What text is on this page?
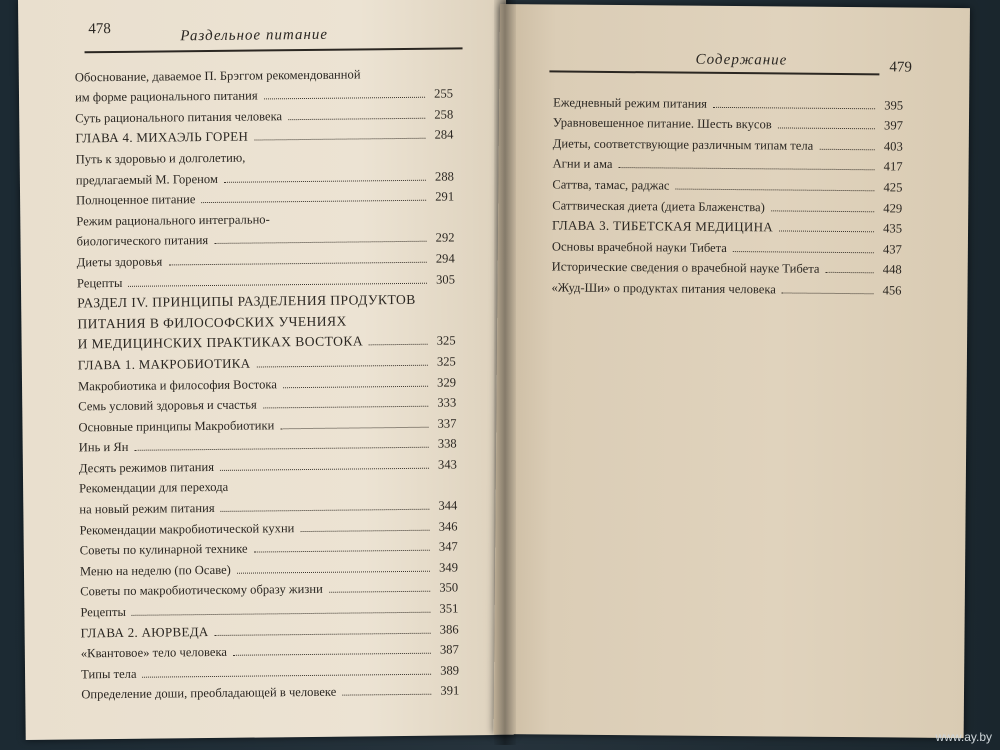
478	Раздельное питание
Обоснование, даваемое П. Брэггом рекомендованной
им форме рационального питания	255
Суть рационального питания человека	258
ГЛАВА 4. МИХАЭЛЬ ГОРЕН	284
Путь к здоровью и долголетию,
предлагаемый М. Гореном	288
Полноценное питание	291
Режим рационального интегрально-
биологического питания	292
Диеты здоровья	294
Рецепты	305
РАЗДЕЛ IV. ПРИНЦИПЫ РАЗДЕЛЕНИЯ ПРОДУКТОВ
ПИТАНИЯ В ФИЛОСОФСКИХ УЧЕНИЯХ
И МЕДИЦИНСКИХ ПРАКТИКАХ ВОСТОКА	325
ГЛАВА 1. МАКРОБИОТИКА	325
Макробиотика и философия Востока	329
Семь условий здоровья и счастья	333
Основные принципы Макробиотики	337
Инь и Ян	338
Десять режимов питания	343
Рекомендации для перехода
на новый режим питания	344
Рекомендации макробиотической кухни	346
Советы по кулинарной технике	347
Меню на неделю (по Осаве)	349
Советы по макробиотическому образу жизни	350
Рецепты	351
ГЛАВА 2. АЮРВЕДА	386
«Квантовое» тело человека	387
Типы тела	389
Определение доши, преобладающей в человеке	391
Содержание	479
Ежедневный режим питания	395
Уравновешенное питание. Шесть вкусов	397
Диеты, соответствующие различным типам тела	403
Агни и ама	417
Саттва, тамас, раджас	425
Саттвическая диета (диета Блаженства)	429
ГЛАВА 3. ТИБЕТСКАЯ МЕДИЦИНА	435
Основы врачебной науки Тибета	437
Исторические сведения о врачебной науке Тибета	448
«Жуд-Ши» о продуктах питания человека	456
www.ay.by
